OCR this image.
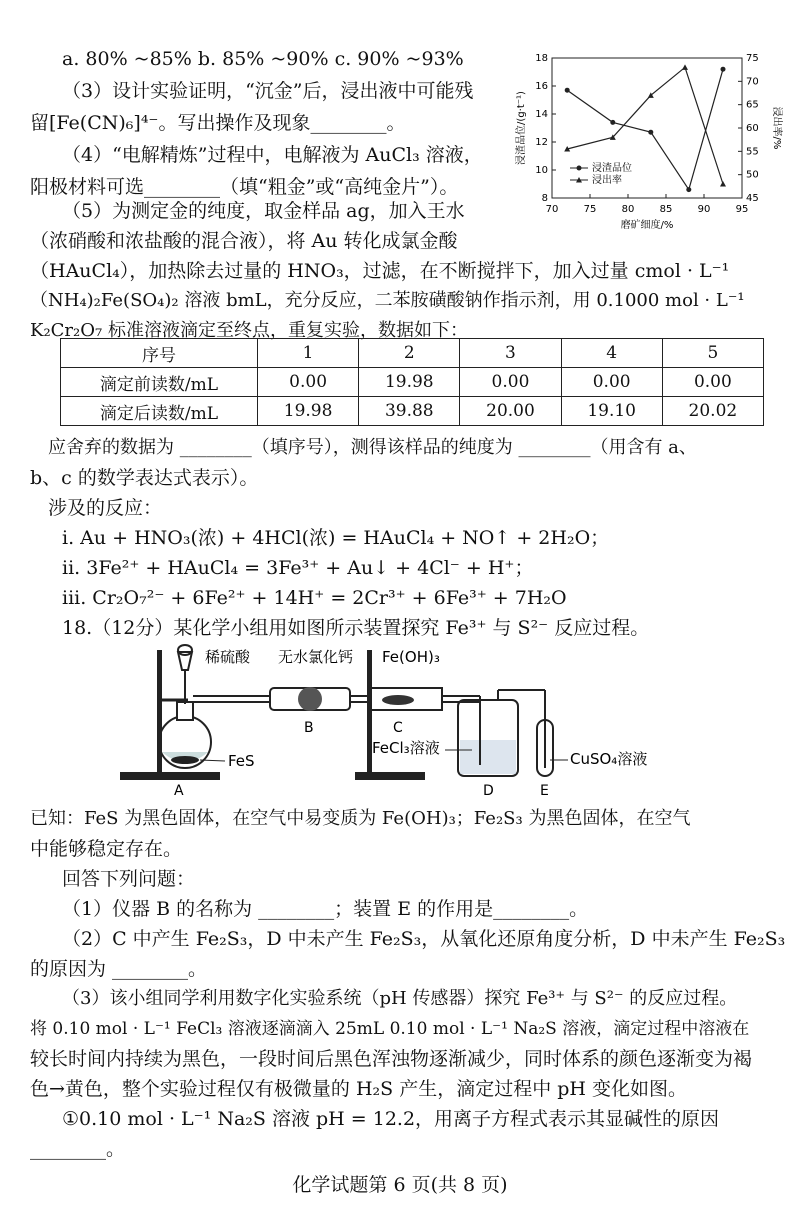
a. 80% ~85% b. 85% ~90% c. 90% ~93%
（3）设计实验证明，“沉金”后，浸出液中可能残
留[Fe(CN)₆]⁴⁻。写出操作及现象________。
（4）“电解精炼”过程中，电解液为 AuCl₃ 溶液，
阳极材料可选________（填“粗金”或“高纯金片”）。
（5）为测定金的纯度，取金样品 ag，加入王水
（浓硝酸和浓盐酸的混合液），将 Au 转化成氯金酸
（HAuCl₄），加热除去过量的 HNO₃，过滤，在不断搅拌下，加入过量 cmol · L⁻¹
（NH₄)₂Fe(SO₄)₂ 溶液 bmL，充分反应，二苯胺磺酸钠作指示剂，用 0.1000 mol · L⁻¹
K₂Cr₂O₇ 标准溶液滴定至终点，重复实验，数据如下：
序号	1	2	3	4	5
滴定前读数/mL	0.00	19.98	0.00	0.00	0.00
滴定后读数/mL	19.98	39.88	20.00	19.10	20.02
应舍弃的数据为 ________（填序号），测得该样品的纯度为 ________（用含有 a、
b、c 的数学表达式表示）。
涉及的反应：
i. Au + HNO₃(浓) + 4HCl(浓) = HAuCl₄ + NO↑ + 2H₂O；
ii. 3Fe²⁺ + HAuCl₄ = 3Fe³⁺ + Au↓ + 4Cl⁻ + H⁺；
iii. Cr₂O₇²⁻ + 6Fe²⁺ + 14H⁺ = 2Cr³⁺ + 6Fe³⁺ + 7H₂O
18.（12分）某化学小组用如图所示装置探究 Fe³⁺ 与 S²⁻ 反应过程。
稀硫酸
FeS
A
无水氯化钙
B
Fe(OH)₃
C
FeCl₃溶液
D
CuSO₄溶液
E
已知：FeS 为黑色固体，在空气中易变质为 Fe(OH)₃；Fe₂S₃ 为黑色固体，在空气
中能够稳定存在。
回答下列问题：
（1）仪器 B 的名称为 ________；装置 E 的作用是________。
（2）C 中产生 Fe₂S₃，D 中未产生 Fe₂S₃，从氧化还原角度分析，D 中未产生 Fe₂S₃
的原因为 ________。
（3）该小组同学利用数字化实验系统（pH 传感器）探究 Fe³⁺ 与 S²⁻ 的反应过程。
将 0.10 mol · L⁻¹ FeCl₃ 溶液逐滴滴入 25mL 0.10 mol · L⁻¹ Na₂S 溶液，滴定过程中溶液在
较长时间内持续为黑色，一段时间后黑色浑浊物逐渐减少，同时体系的颜色逐渐变为褐
色→黄色，整个实验过程仅有极微量的 H₂S 产生，滴定过程中 pH 变化如图。
①0.10 mol · L⁻¹ Na₂S 溶液 pH = 12.2，用离子方程式表示其显碱性的原因
________。
化学试题第 6 页(共 8 页)
70	75	80	85	90	95
8
10
12
14
16
18
45
50
55
60
65
70
75
磨矿细度/%
浸渣品位/(g·t⁻¹)	浸出率/%
浸渣品位
浸出率
